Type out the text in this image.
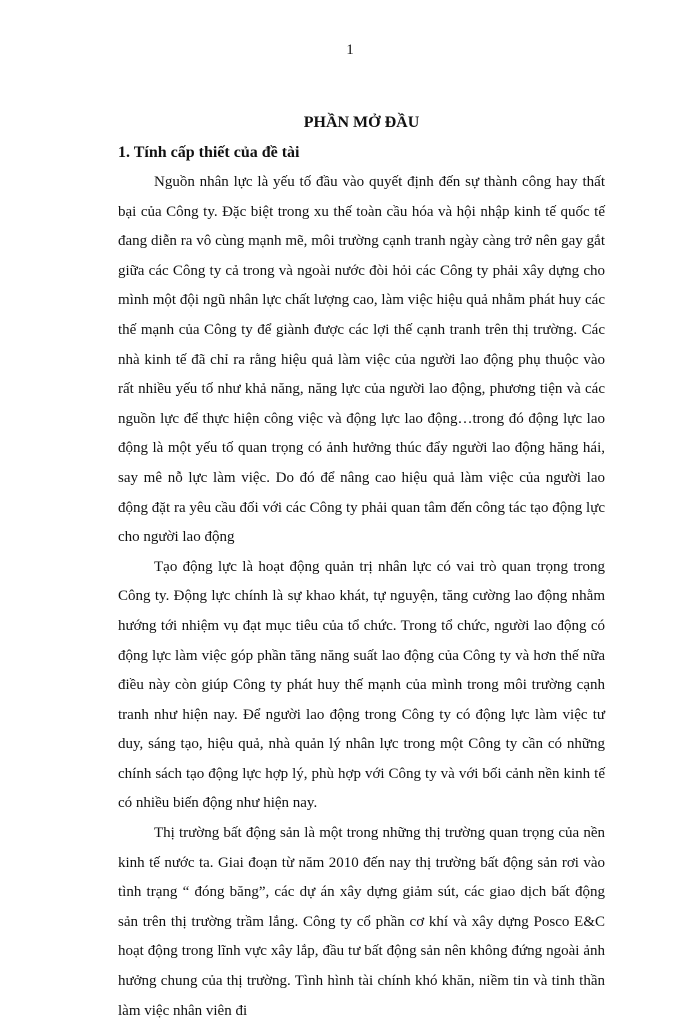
1
PHẦN MỞ ĐẦU
1. Tính cấp thiết của đề tài

Nguồn nhân lực là yếu tố đầu vào quyết định đến sự thành công hay thất bại của Công ty. Đặc biệt trong xu thế toàn cầu hóa và hội nhập kinh tế quốc tế đang diễn ra vô cùng mạnh mẽ, môi trường cạnh tranh ngày càng trở nên gay gắt giữa các Công ty cả trong và ngoài nước đòi hỏi các Công ty phải xây dựng cho mình một đội ngũ nhân lực chất lượng cao, làm việc hiệu quả nhằm phát huy các thế mạnh của Công ty để giành được các lợi thế cạnh tranh trên thị trường. Các nhà kinh tế đã chỉ ra rằng hiệu quả làm việc của người lao động phụ thuộc vào rất nhiều yếu tố như khả năng, năng lực của người lao động, phương tiện và các nguồn lực để thực hiện công việc và động lực lao động…trong đó động lực lao động là một yếu tố quan trọng có ảnh hưởng thúc đẩy người lao động hăng hái, say mê nỗ lực làm việc. Do đó để nâng cao hiệu quả làm việc của người lao động đặt ra yêu cầu đối với các Công ty phải quan tâm đến công tác tạo động lực cho người lao động

Tạo động lực là hoạt động quản trị nhân lực có vai trò quan trọng trong Công ty. Động lực chính là sự khao khát, tự nguyện, tăng cường lao động nhằm hướng tới nhiệm vụ đạt mục tiêu của tổ chức. Trong tổ chức, người lao động có động lực làm việc góp phần tăng năng suất lao động của Công ty và hơn thế nữa điều này còn giúp Công ty phát huy thế mạnh của mình trong môi trường cạnh tranh như hiện nay. Để người lao động trong Công ty có động lực làm việc tư duy, sáng tạo, hiệu quả, nhà quản lý nhân lực trong một Công ty cần có những chính sách tạo động lực hợp lý, phù hợp với Công ty và với bối cảnh nền kinh tế có nhiều biến động như hiện nay.

Thị trường bất động sản là một trong những thị trường quan trọng của nền kinh tế nước ta. Giai đoạn từ năm 2010 đến nay thị trường bất động sản rơi vào tình trạng “ đóng băng”, các dự án xây dựng giảm sút, các giao dịch bất động sản trên thị trường trầm lắng. Công ty cổ phần cơ khí và xây dựng Posco E&C hoạt động trong lĩnh vực xây lắp, đầu tư bất động sản nên không đứng ngoài ảnh hưởng chung của thị trường. Tình hình tài chính khó khăn, niềm tin và tinh thần làm việc nhân viên đi
